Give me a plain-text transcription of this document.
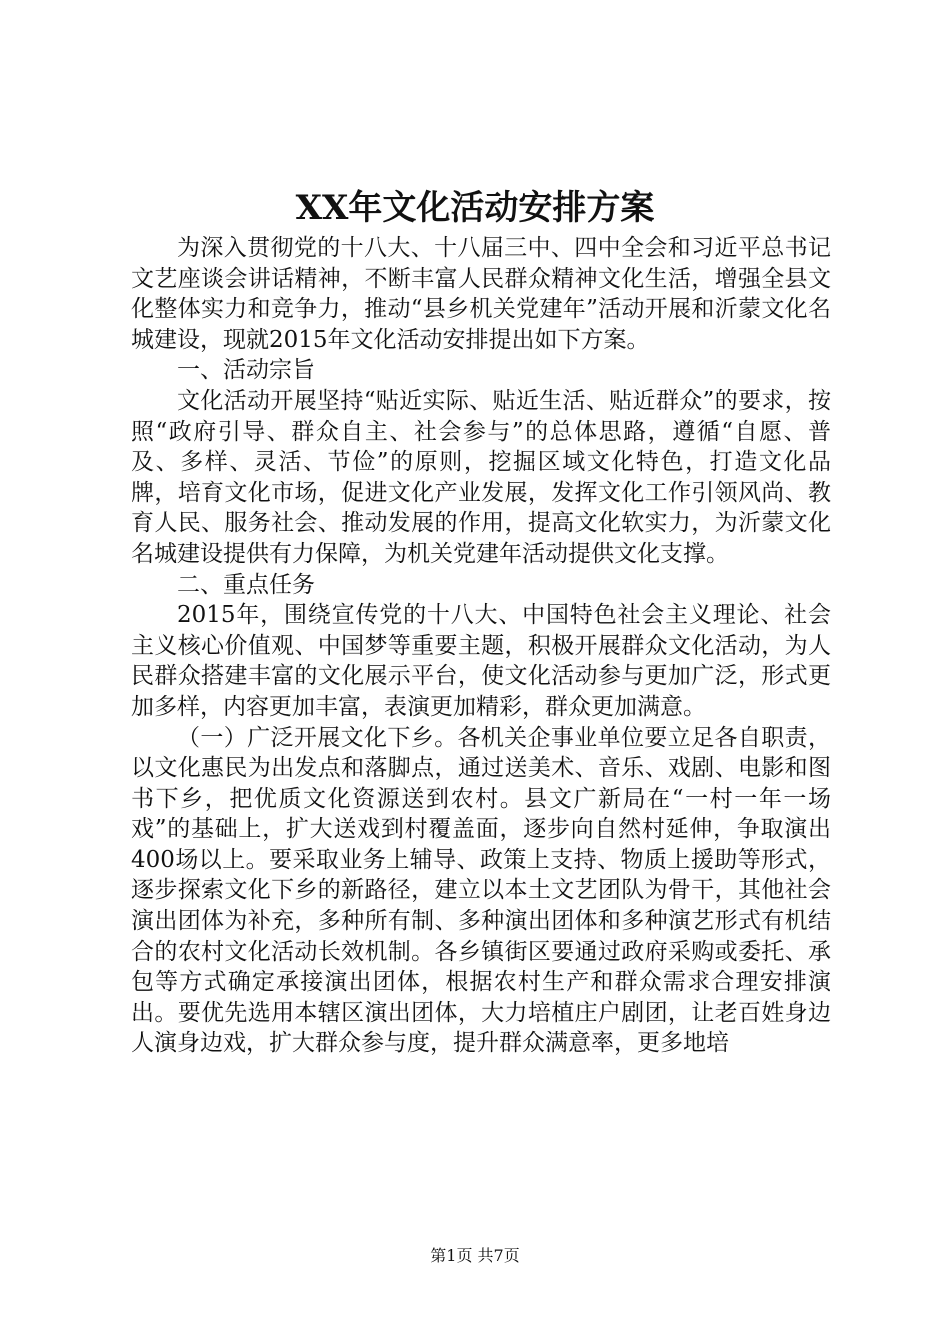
XX年文化活动安排方案

为深入贯彻党的十八大、十八届三中、四中全会和习近平总书记文艺座谈会讲话精神，不断丰富人民群众精神文化生活，增强全县文化整体实力和竞争力，推动“县乡机关党建年”活动开展和沂蒙文化名城建设，现就2015年文化活动安排提出如下方案。

一、活动宗旨

文化活动开展坚持“贴近实际、贴近生活、贴近群众”的要求，按照“政府引导、群众自主、社会参与”的总体思路，遵循“自愿、普及、多样、灵活、节俭”的原则，挖掘区域文化特色，打造文化品牌，培育文化市场，促进文化产业发展，发挥文化工作引领风尚、教育人民、服务社会、推动发展的作用，提高文化软实力，为沂蒙文化名城建设提供有力保障，为机关党建年活动提供文化支撑。

二、重点任务

2015年，围绕宣传党的十八大、中国特色社会主义理论、社会主义核心价值观、中国梦等重要主题，积极开展群众文化活动，为人民群众搭建丰富的文化展示平台，使文化活动参与更加广泛，形式更加多样，内容更加丰富，表演更加精彩，群众更加满意。

（一）广泛开展文化下乡。各机关企事业单位要立足各自职责，以文化惠民为出发点和落脚点，通过送美术、音乐、戏剧、电影和图书下乡，把优质文化资源送到农村。县文广新局在“一村一年一场戏”的基础上，扩大送戏到村覆盖面，逐步向自然村延伸，争取演出400场以上。要采取业务上辅导、政策上支持、物质上援助等形式，逐步探索文化下乡的新路径，建立以本土文艺团队为骨干，其他社会演出团体为补充，多种所有制、多种演出团体和多种演艺形式有机结合的农村文化活动长效机制。各乡镇街区要通过政府采购或委托、承包等方式确定承接演出团体，根据农村生产和群众需求合理安排演出。要优先选用本辖区演出团体，大力培植庄户剧团，让老百姓身边人演身边戏，扩大群众参与度，提升群众满意率，更多地培

第1页 共7页
